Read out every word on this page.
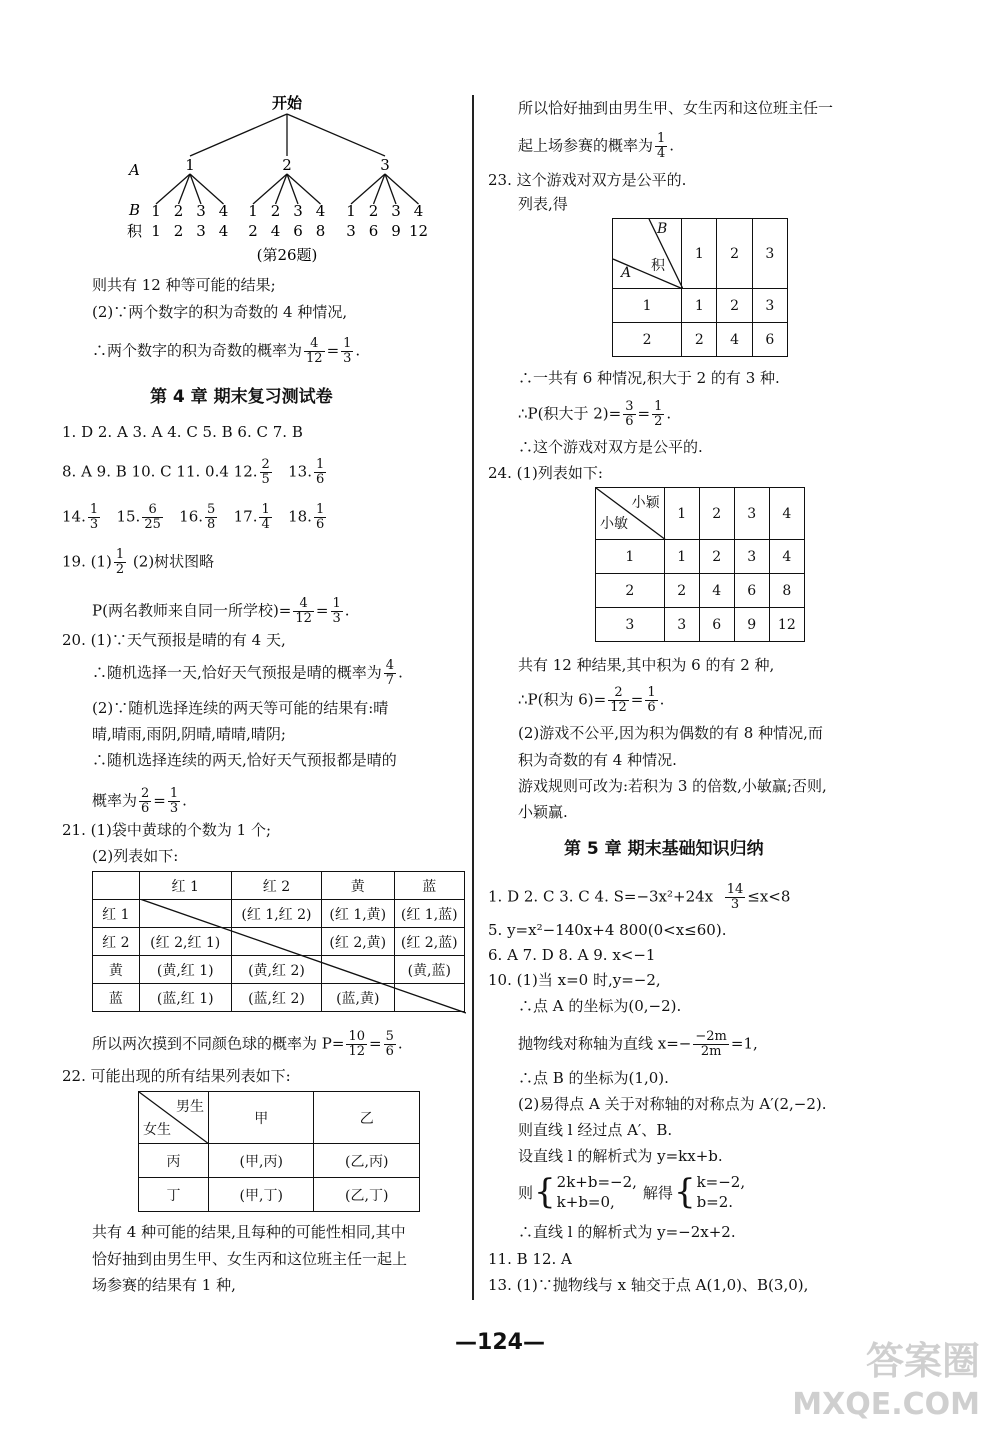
开始
A
B
积
1	2	3
1 2 3 4 1 2 3 4 1 2 3 4
1 2 3 4 2 4 6 8 3 6 9 12
(第26题)
则共有 12 种等可能的结果;
(2)∵两个数字的积为奇数的 4 种情况,
∴两个数字的积为奇数的概率为 $\frac{4}{12} = \frac{1}{3}$ .
第 4 章 期末复习测试卷
1. D 2. A 3. A 4. C 5. B 6. C 7. B
8. A 9. B 10. C 11. 0.4 12. $\frac{2}{5} 13$. $\frac{1}{6}$
14. $\frac{1}{3} 15$. $\frac{6}{25} 16$. $\frac{5}{8} 17$. $\frac{1}{4} 18$. $\frac{1}{6}$
19. $(1) \frac{1}{2} (2)$树状图略
P(两名教师来自同一所学校)= $\frac{4}{12} = \frac{1}{3}$ .
20. (1)∵天气预报是晴的有 4 天,
∴随机选择一天,恰好天气预报是晴的概率为 $\frac{4}{7}$ .
(2)∵随机选择连续的两天等可能的结果有:晴
晴,晴雨,雨阴,阴晴,晴晴,晴阴;
∴随机选择连续的两天,恰好天气预报都是晴的
概率为 $\frac{2}{6} = \frac{1}{3}$ .
21. (1)袋中黄球的个数为 1 个;
(2)列表如下:
	红 1	红 2	黄	蓝
红 1		(红 1,红 2)	(红 1,黄)	(红 1,蓝)
红 2	(红 2,红 1)		(红 2,黄)	(红 2,蓝)
黄	(黄,红 1)	(黄,红 2)		(黄,蓝)
蓝	(蓝,红 1)	(蓝,红 2)	(蓝,黄)	
所以两次摸到不同颜色球的概率为 $P= \frac{10}{12} = \frac{5}{6}$ .
22. 可能出现的所有结果列表如下:
男生
女生	甲	乙
丙	(甲,丙)	(乙,丙)
丁	(甲,丁)	(乙,丁)
共有 4 种可能的结果,且每种的可能性相同,其中
恰好抽到由男生甲、女生丙和这位班主任一起上
场参赛的结果有 1 种,
所以恰好抽到由男生甲、女生丙和这位班主任一
起上场参赛的概率为 $\frac{1}{4}$ .
23. 这个游戏对双方是公平的.
列表,得
B
积
A	1	2	3
1	1	2	3
2	2	4	6
∴一共有 6 种情况,积大于 2 的有 3 种.
∴P(积大于 $2)= \frac{3}{6} = \frac{1}{2}$ .
∴这个游戏对双方是公平的.
24. (1)列表如下:
小颖
小敏	1	2	3	4
1	1	2	3	4
2	2	4	6	8
3	3	6	9	12
共有 12 种结果,其中积为 6 的有 2 种,
∴P(积为 $6)= \frac{2}{12} = \frac{1}{6}$ .
(2)游戏不公平,因为积为偶数的有 8 种情况,而
积为奇数的有 4 种情况.
游戏规则可改为:若积为 3 的倍数,小敏赢;否则,
小颖赢.
第 5 章 期末基础知识归纳
1. D 2. C 3. C 4. $S=-3x^2+24x \frac{14}{3} \le x<8$
5. y=x²−140x+4 800(0<x≤60).
6. A 7. D 8. A 9. x<−1
10. (1)当 x=0 时,y=−2,
∴点 A 的坐标为(0,−2).
抛物线对称轴为直线 $x=- \frac{-2m}{2m} =1$,
∴点 B 的坐标为(1,0).
(2)易得点 A 关于对称轴的对称点为 A′(2,−2).
则直线 l 经过点 A′、B.
设直线 l 的解析式为 y=kx+b.
则 { 2k+b=−2,
k+b=0,
解得 { k=−2,
b=2.
∴直线 l 的解析式为 y=−2x+2.
11. B 12. A
13. (1)∵抛物线与 x 轴交于点 A(1,0)、B(3,0),
—124—	答案圈
MXQE.COM
